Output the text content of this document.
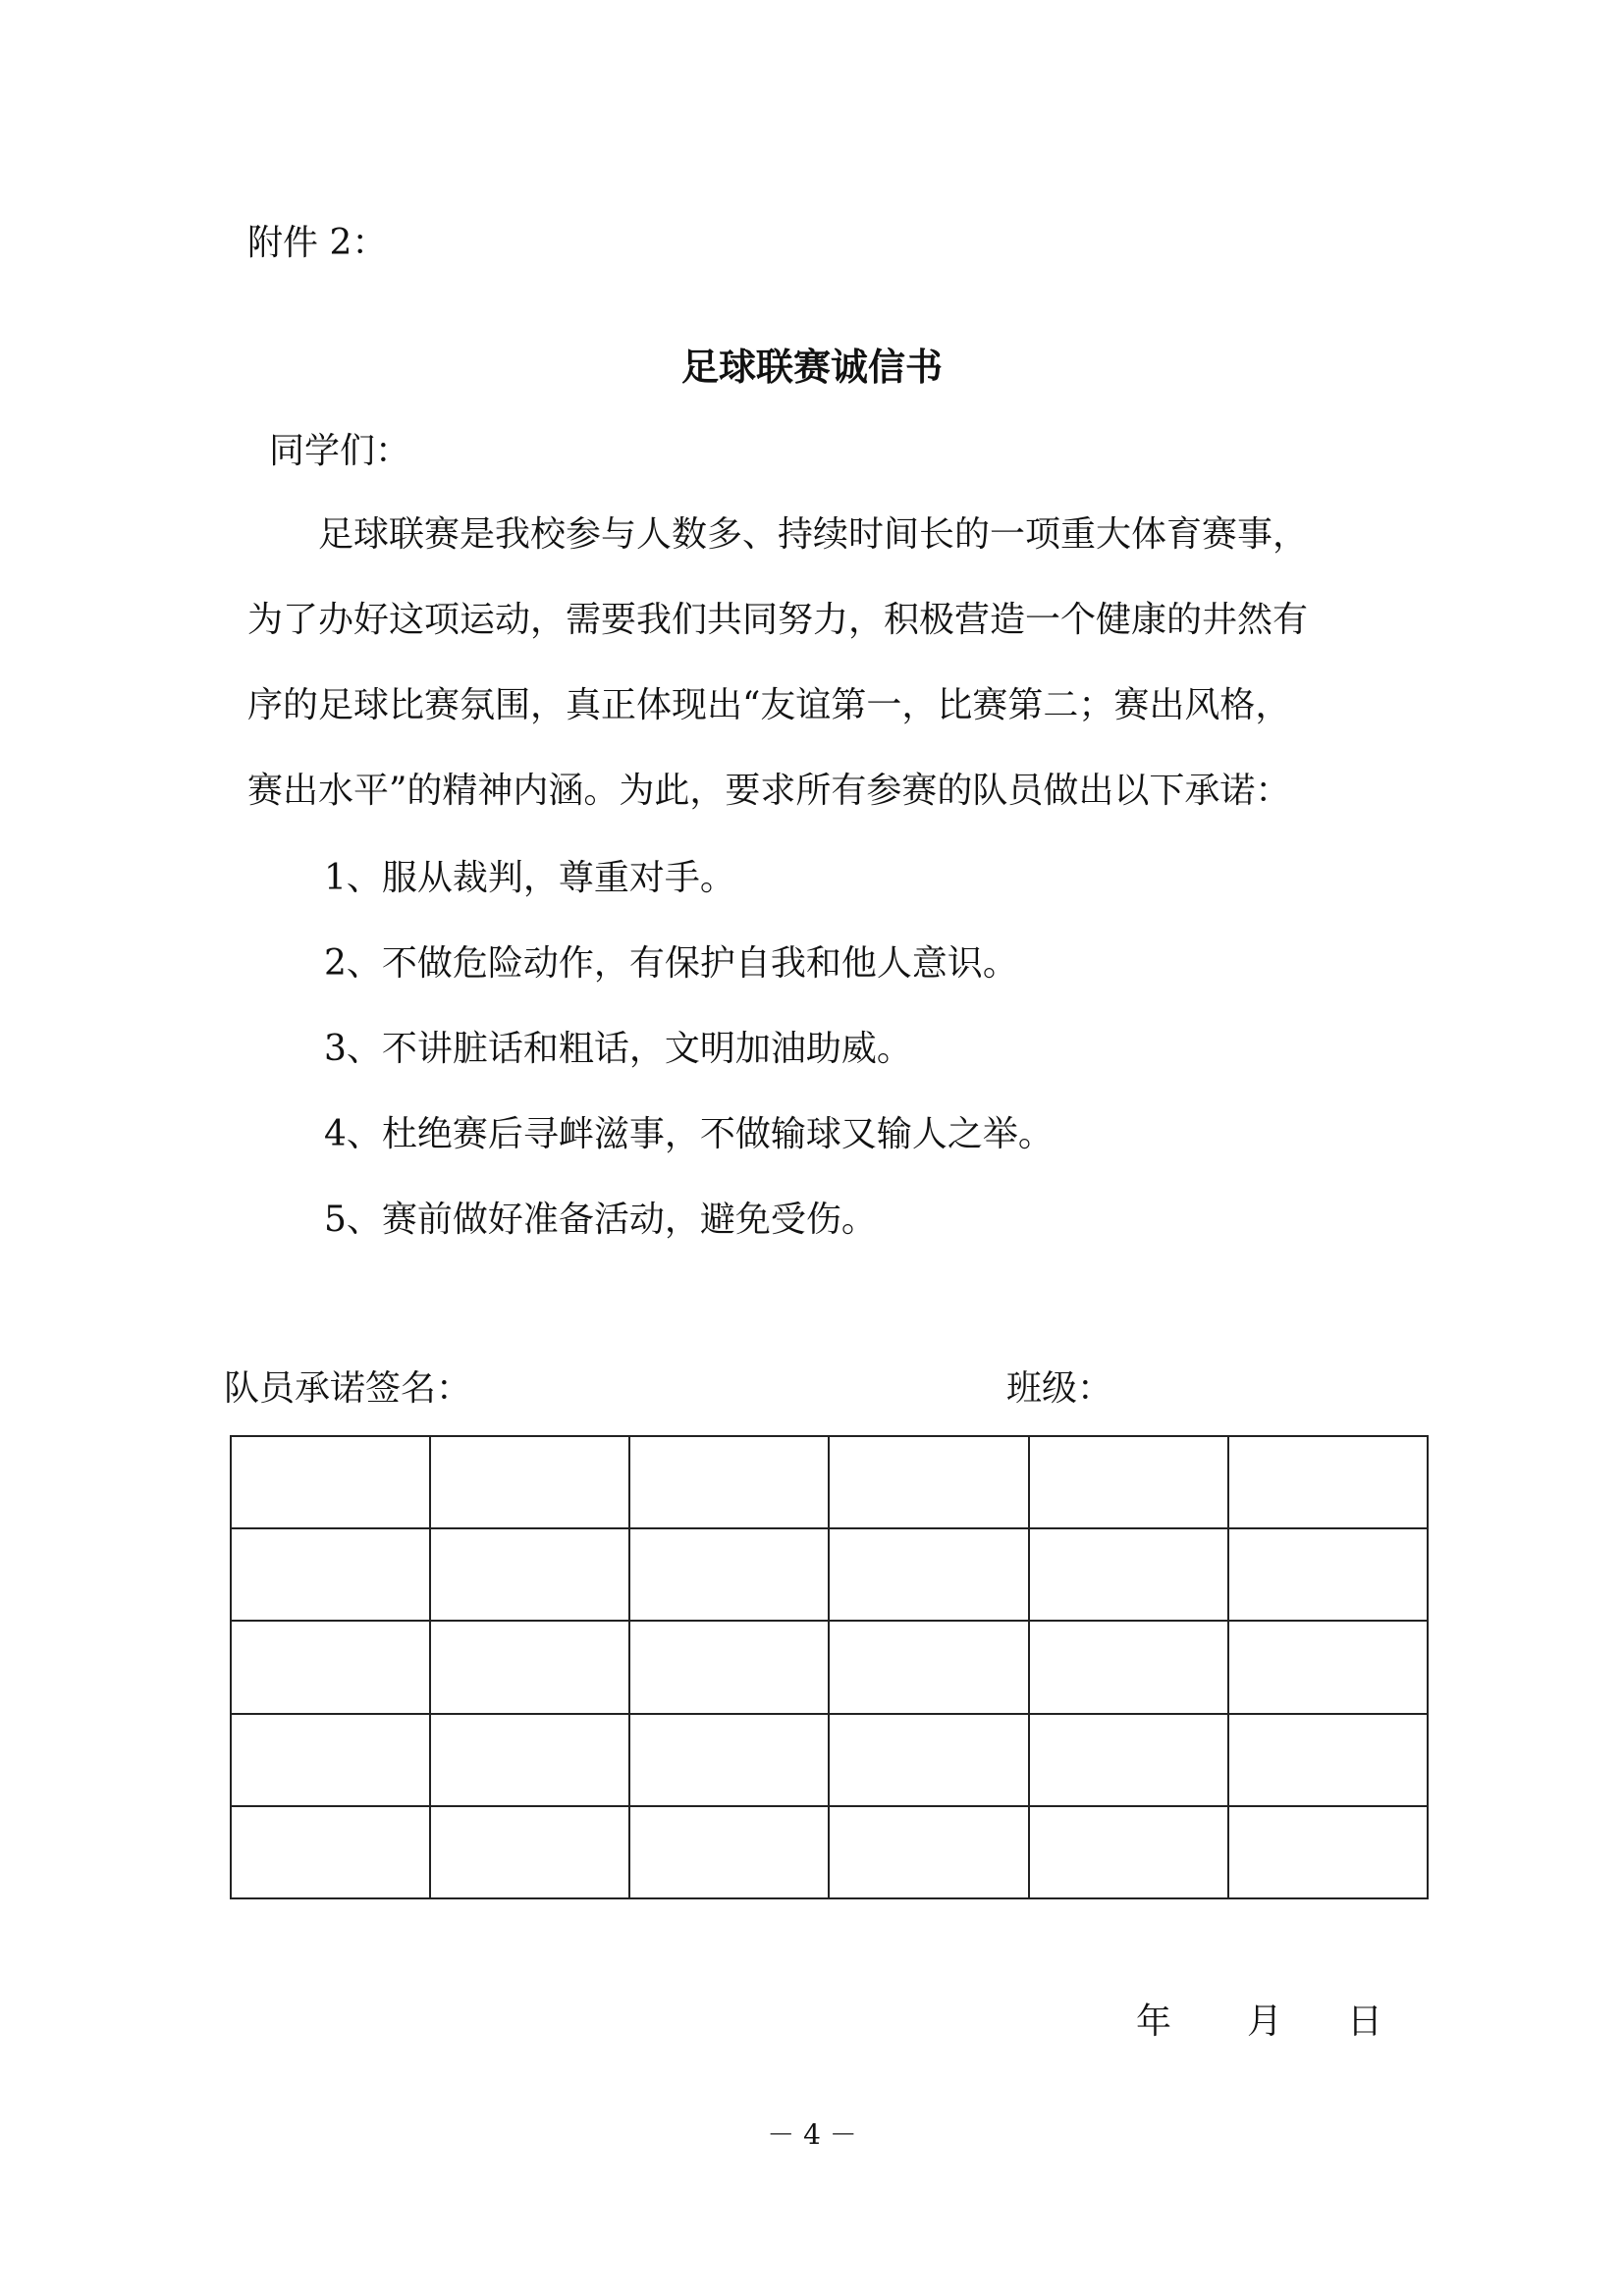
附件 2：
足球联赛诚信书
同学们：
　　足球联赛是我校参与人数多、持续时间长的一项重大体育赛事，
为了办好这项运动，需要我们共同努力，积极营造一个健康的井然有
序的足球比赛氛围，真正体现出“友谊第一，比赛第二；赛出风格，
赛出水平”的精神内涵。为此，要求所有参赛的队员做出以下承诺：
1、服从裁判，尊重对手。
2、不做危险动作，有保护自我和他人意识。
3、不讲脏话和粗话，文明加油助威。
4、杜绝赛后寻衅滋事，不做输球又输人之举。
5、赛前做好准备活动，避免受伤。
队员承诺签名：	班级：

年 月 日
－ 4 －
